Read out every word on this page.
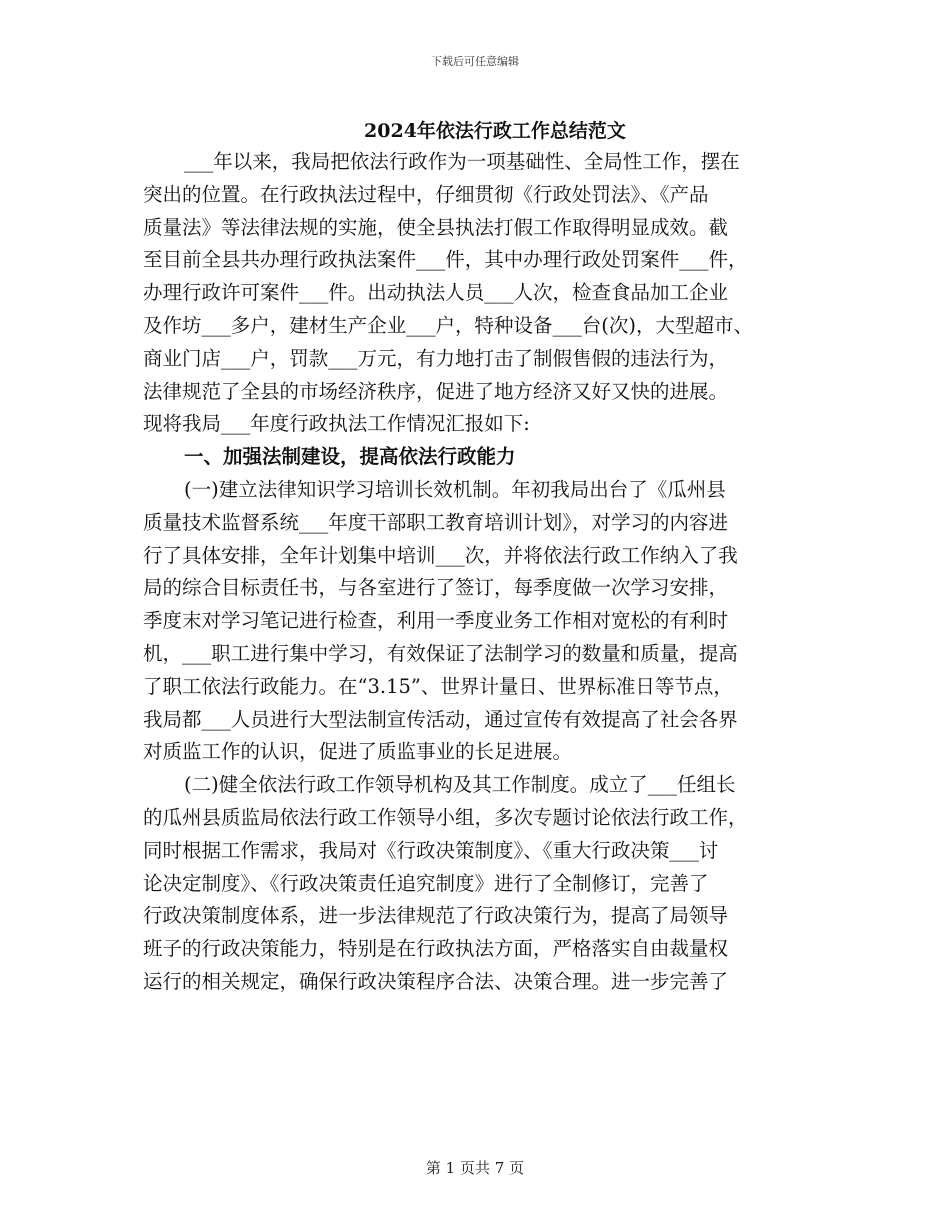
下载后可任意编辑
2024年依法行政工作总结范文
___年以来，我局把依法行政作为一项基础性、全局性工作，摆在
突出的位置。在行政执法过程中，仔细贯彻《行政处罚法》、《产品
质量法》等法律法规的实施，使全县执法打假工作取得明显成效。截
至目前全县共办理行政执法案件___件，其中办理行政处罚案件___件，
办理行政许可案件___件。出动执法人员___人次，检查食品加工企业
及作坊___多户，建材生产企业___户，特种设备___台(次)，大型超市、
商业门店___户，罚款___万元，有力地打击了制假售假的违法行为，
法律规范了全县的市场经济秩序，促进了地方经济又好又快的进展。
现将我局___年度行政执法工作情况汇报如下:
一、加强法制建设，提高依法行政能力
(一)建立法律知识学习培训长效机制。年初我局出台了《瓜州县
质量技术监督系统___年度干部职工教育培训计划》，对学习的内容进
行了具体安排，全年计划集中培训___次，并将依法行政工作纳入了我
局的综合目标责任书，与各室进行了签订，每季度做一次学习安排，
季度末对学习笔记进行检查，利用一季度业务工作相对宽松的有利时
机，___职工进行集中学习，有效保证了法制学习的数量和质量，提高
了职工依法行政能力。在“3.15”、世界计量日、世界标准日等节点，
我局都___人员进行大型法制宣传活动，通过宣传有效提高了社会各界
对质监工作的认识，促进了质监事业的长足进展。
(二)健全依法行政工作领导机构及其工作制度。成立了___任组长
的瓜州县质监局依法行政工作领导小组，多次专题讨论依法行政工作，
同时根据工作需求，我局对《行政决策制度》、《重大行政决策___讨
论决定制度》、《行政决策责任追究制度》进行了全制修订，完善了
行政决策制度体系，进一步法律规范了行政决策行为，提高了局领导
班子的行政决策能力，特别是在行政执法方面，严格落实自由裁量权
运行的相关规定，确保行政决策程序合法、决策合理。进一步完善了
第 1 页共 7 页
